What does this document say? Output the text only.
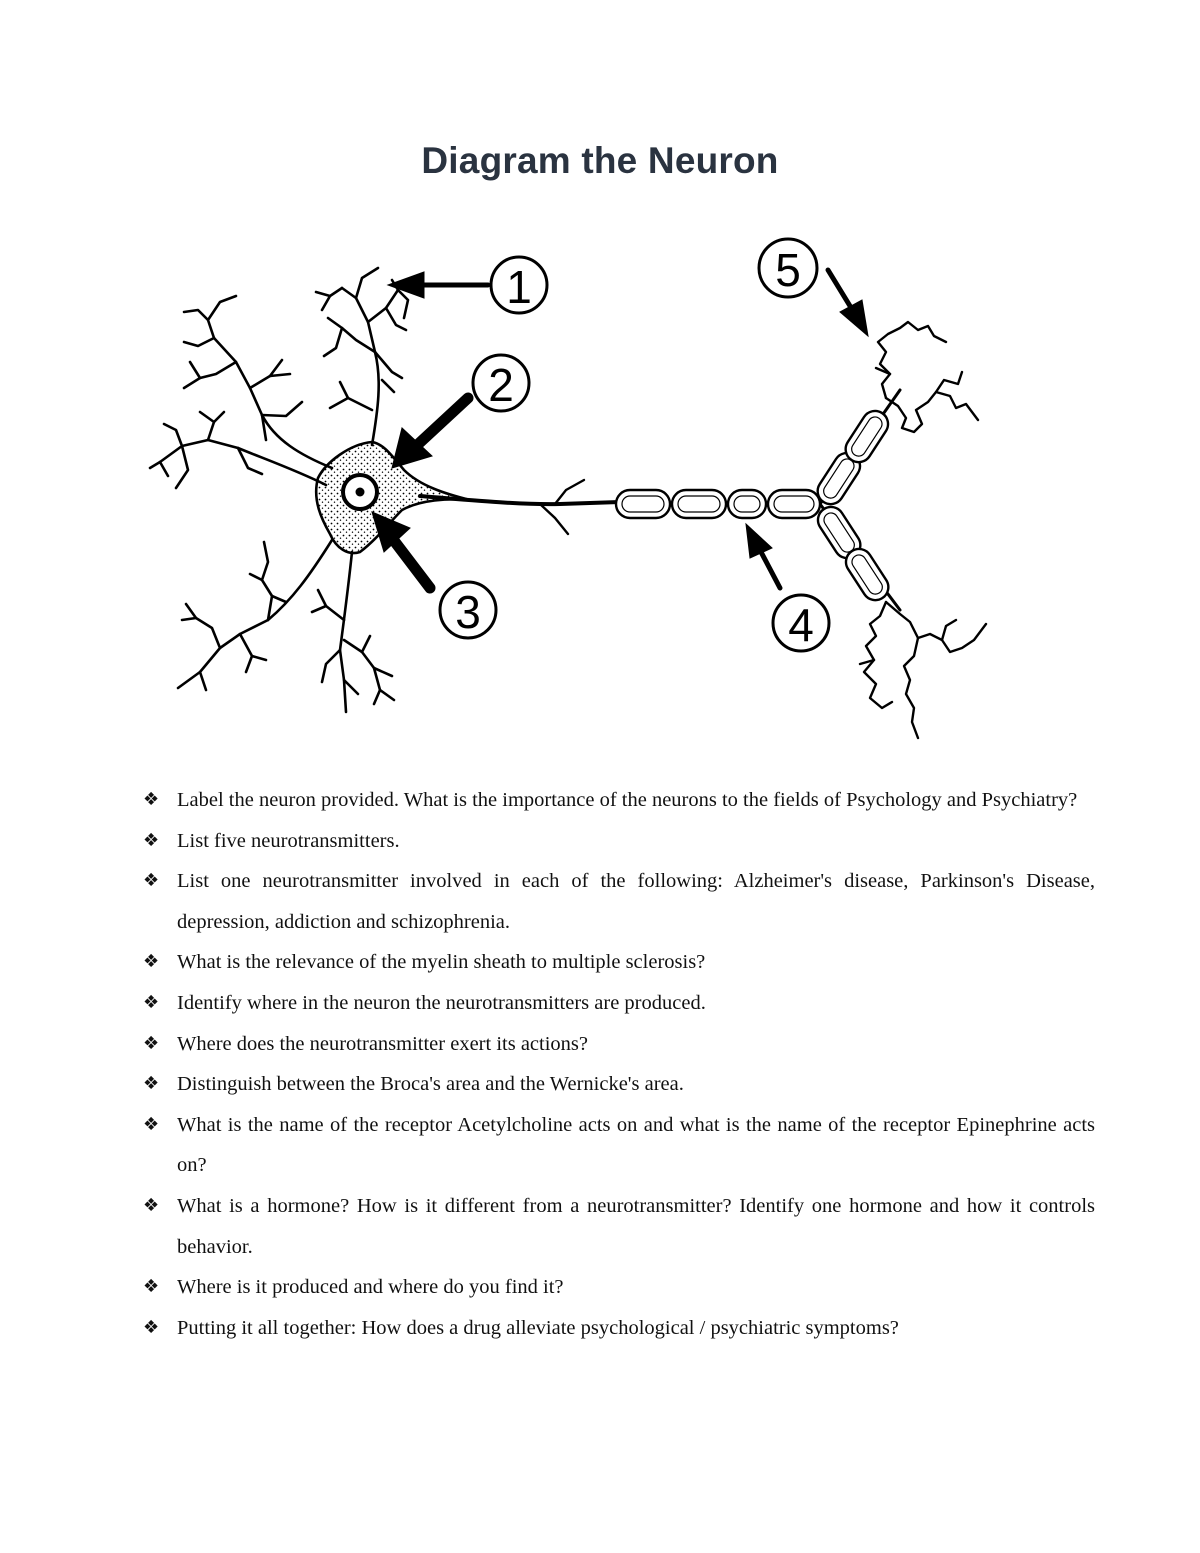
Diagram the Neuron
1
2
3	4
5
❖ Label the neuron provided. What is the importance of the neurons to the fields of Psychology and Psychiatry?
❖ List five neurotransmitters.
❖ List one neurotransmitter involved in each of the following: Alzheimer's disease, Parkinson's Disease, depression, addiction and schizophrenia.
❖ What is the relevance of the myelin sheath to multiple sclerosis?
❖ Identify where in the neuron the neurotransmitters are produced.
❖ Where does the neurotransmitter exert its actions?
❖ Distinguish between the Broca's area and the Wernicke's area.
❖ What is the name of the receptor Acetylcholine acts on and what is the name of the receptor Epinephrine acts on?
❖ What is a hormone? How is it different from a neurotransmitter? Identify one hormone and how it controls behavior.
❖ Where is it produced and where do you find it?
❖ Putting it all together: How does a drug alleviate psychological / psychiatric symptoms?
